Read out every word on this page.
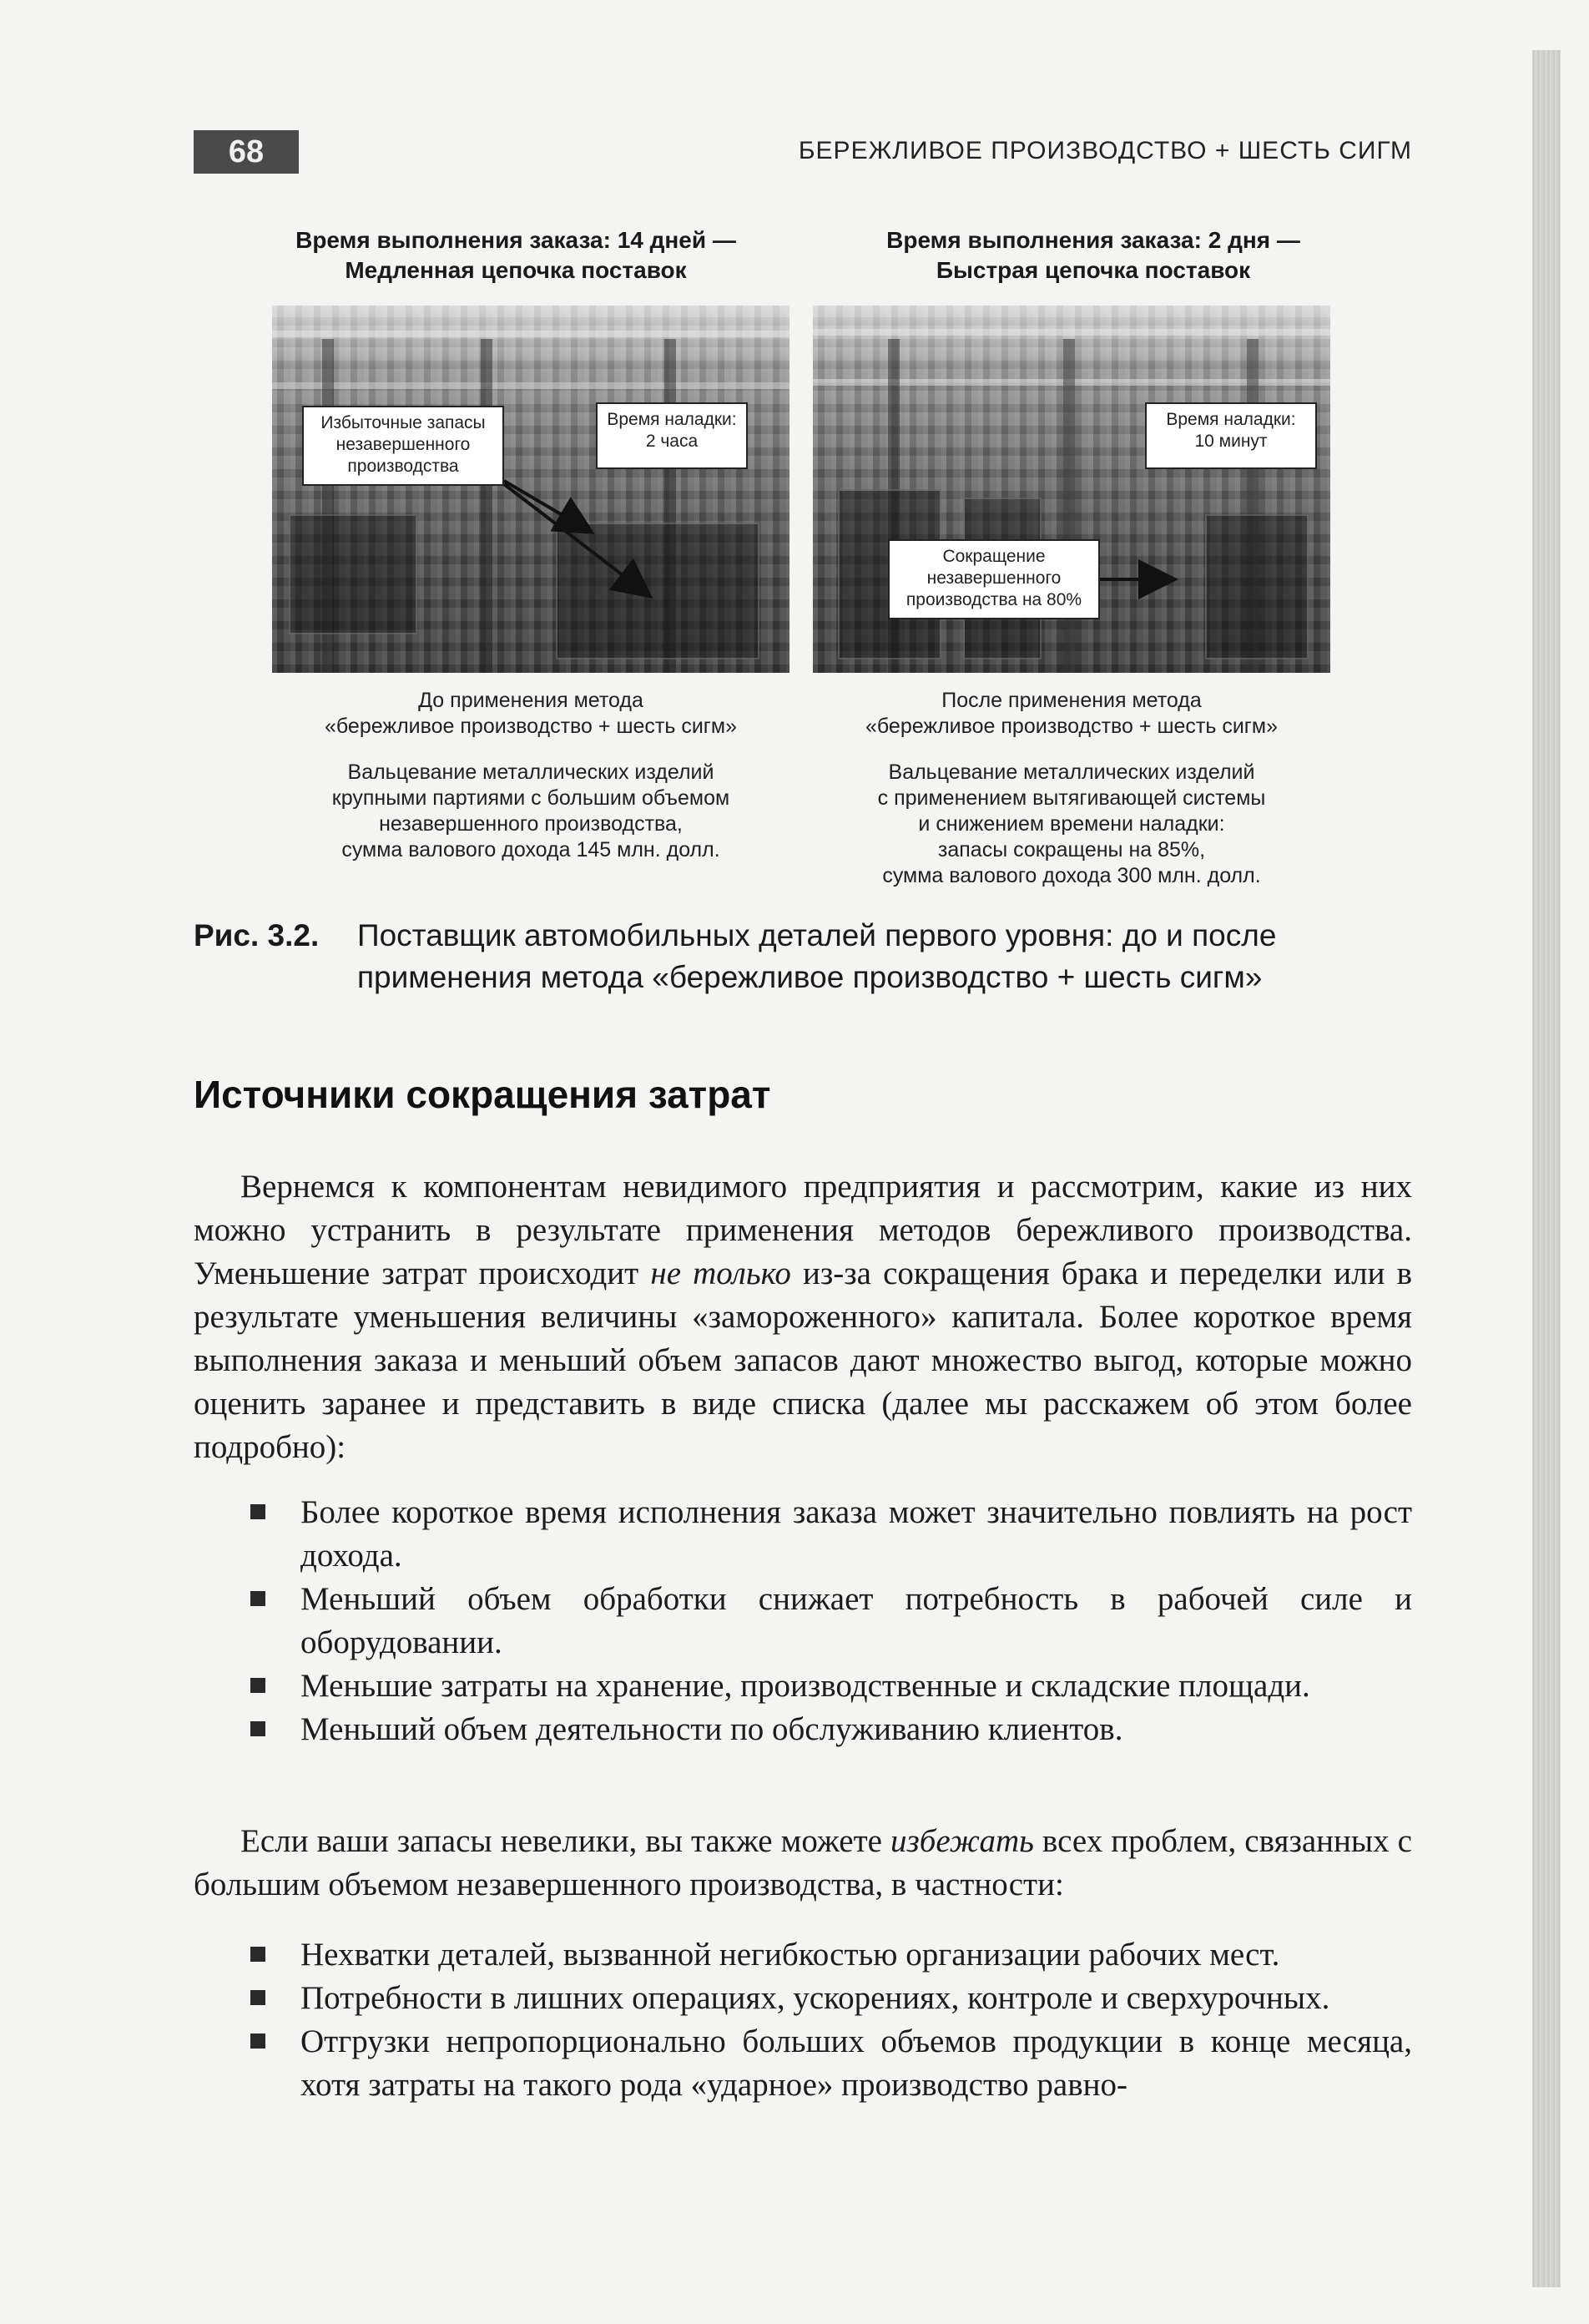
68	БЕРЕЖЛИВОЕ ПРОИЗВОДСТВО + ШЕСТЬ СИГМ
Время выполнения заказа: 14 дней —
Медленная цепочка поставок
Избыточные запасы
незавершенного
производства
Время наладки:
2 часа
До применения метода
«бережливое производство + шесть сигм»
Вальцевание металлических изделий
крупными партиями с большим объемом
незавершенного производства,
сумма валового дохода 145 млн. долл.
Время выполнения заказа: 2 дня —
Быстрая цепочка поставок
Время наладки:
10 минут
Сокращение
незавершенного
производства на 80%
После применения метода
«бережливое производство + шесть сигм»
Вальцевание металлических изделий
с применением вытягивающей системы
и снижением времени наладки:
запасы сокращены на 85%,
сумма валового дохода 300 млн. долл.
Рис. 3.2. Поставщик автомобильных деталей первого уровня: до и после применения метода «бережливое производство + шесть сигм»
Источники сокращения затрат
Вернемся к компонентам невидимого предприятия и рассмотрим, какие из них можно устранить в результате применения методов бережливого производства. Уменьшение затрат происходит не только из-за сокращения брака и переделки или в результате уменьшения величины «замороженного» капитала. Более короткое время выполнения заказа и меньший объем запасов дают множество выгод, которые можно оценить заранее и представить в виде списка (далее мы расскажем об этом более подробно):
Более короткое время исполнения заказа может значительно повлиять на рост дохода.
Меньший объем обработки снижает потребность в рабочей силе и оборудовании.
Меньшие затраты на хранение, производственные и складские площади.
Меньший объем деятельности по обслуживанию клиентов.
Если ваши запасы невелики, вы также можете избежать всех проблем, связанных с большим объемом незавершенного производства, в частности:
Нехватки деталей, вызванной негибкостью организации рабочих мест.
Потребности в лишних операциях, ускорениях, контроле и сверхурочных.
Отгрузки непропорционально больших объемов продукции в конце месяца, хотя затраты на такого рода «ударное» производство равно-
